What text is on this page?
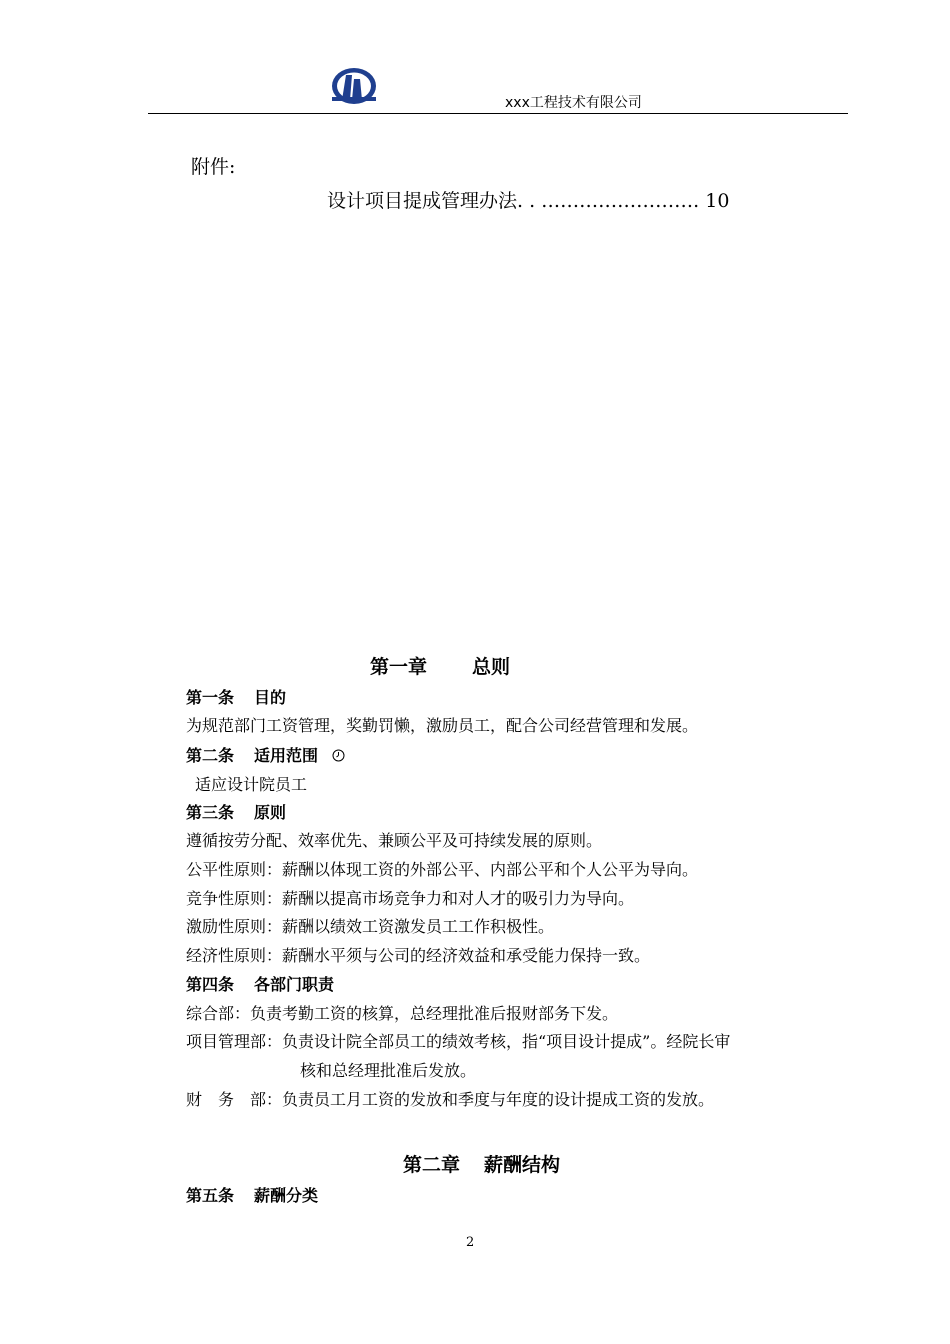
xxx工程技术有限公司
附件:
设计项目提成管理办法. . ……………………. 10
第一章 总则
第一条 目的
为规范部门工资管理，奖勤罚懒，激励员工，配合公司经营管理和发展。
第二条 适用范围
适应设计院员工
第三条 原则
遵循按劳分配、效率优先、兼顾公平及可持续发展的原则。
公平性原则：薪酬以体现工资的外部公平、内部公平和个人公平为导向。
竞争性原则：薪酬以提高市场竞争力和对人才的吸引力为导向。
激励性原则：薪酬以绩效工资激发员工工作积极性。
经济性原则：薪酬水平须与公司的经济效益和承受能力保持一致。
第四条 各部门职责
综合部：负责考勤工资的核算，总经理批准后报财部务下发。
项目管理部：负责设计院全部员工的绩效考核，指“项目设计提成”。经院长审
核和总经理批准后发放。
财　务　部：负责员工月工资的发放和季度与年度的设计提成工资的发放。
第二章 薪酬结构
第五条 薪酬分类
2
